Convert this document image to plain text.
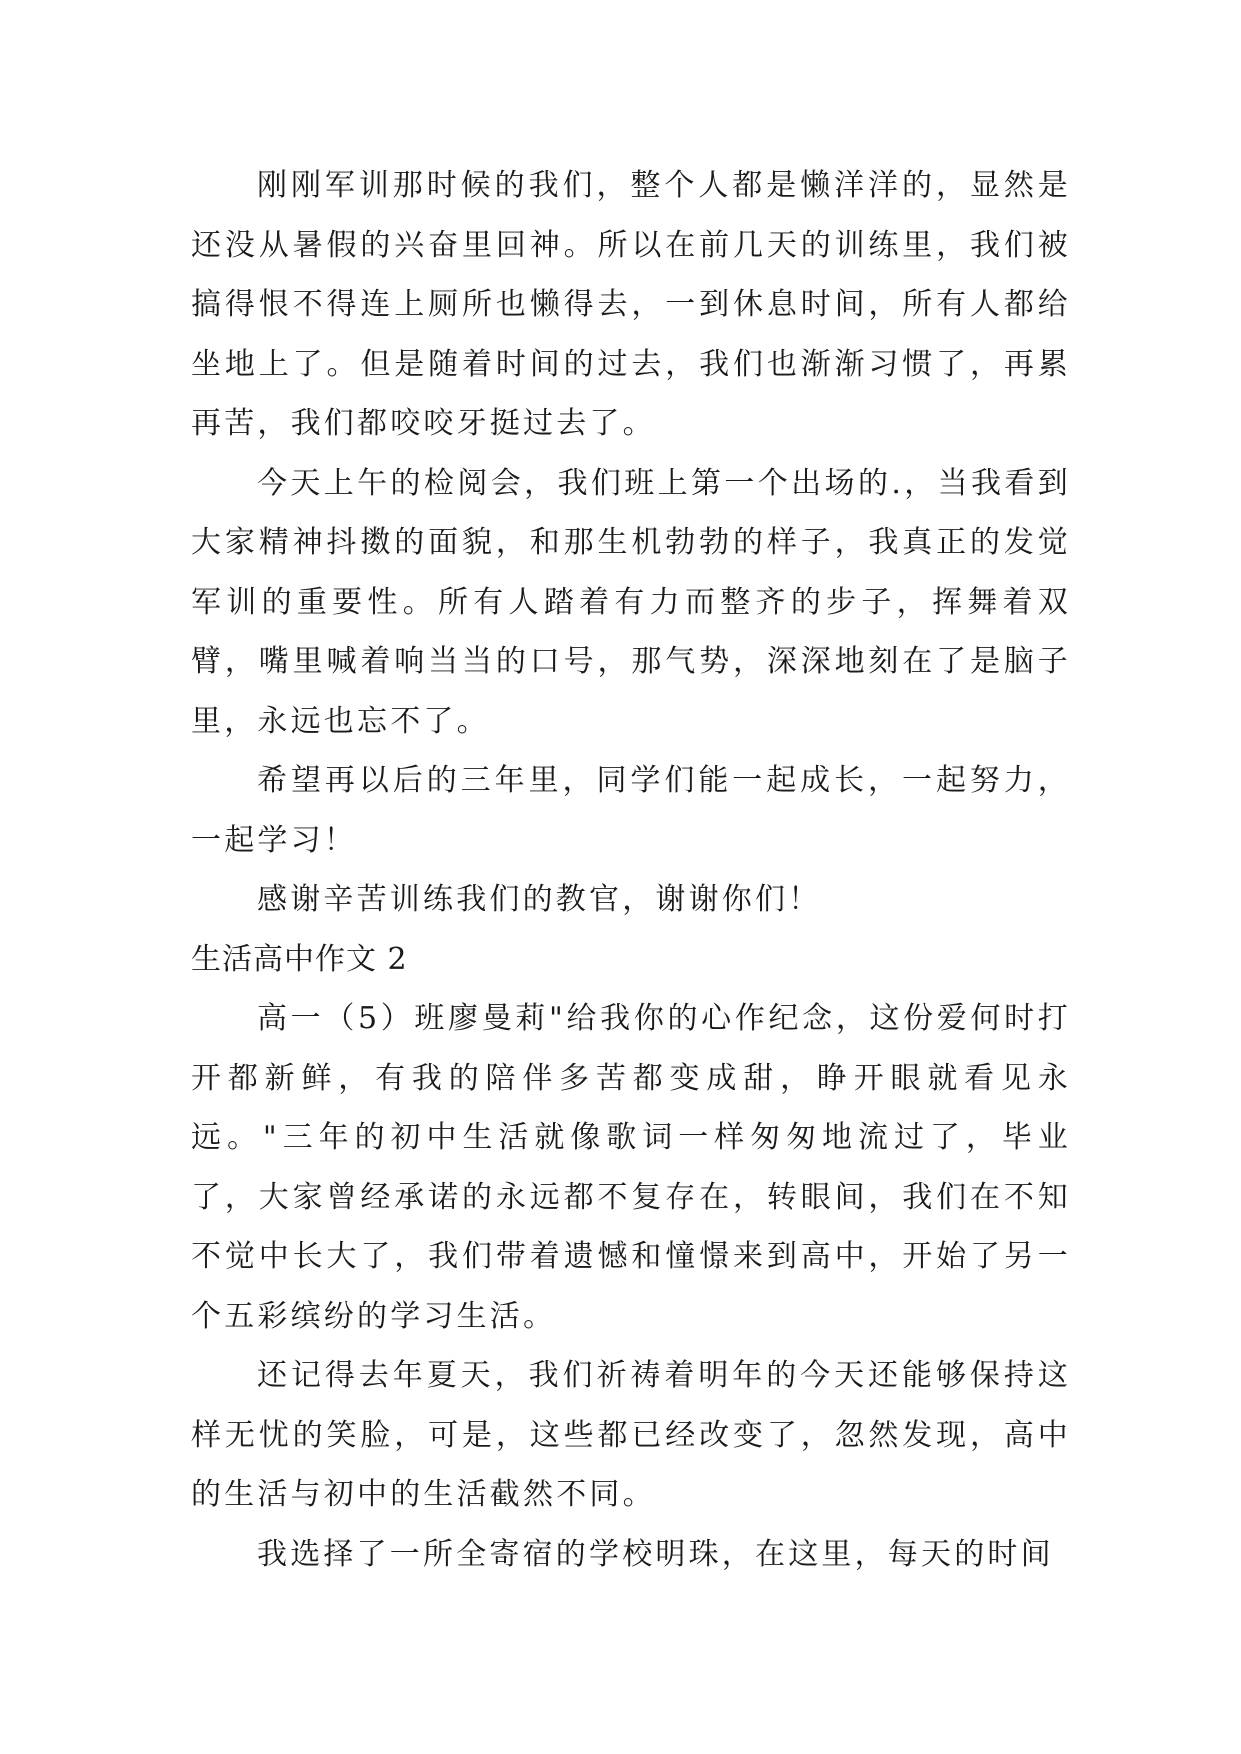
刚刚军训那时候的我们，整个人都是懒洋洋的，显然是还没从暑假的兴奋里回神。所以在前几天的训练里，我们被搞得恨不得连上厕所也懒得去，一到休息时间，所有人都给坐地上了。但是随着时间的过去，我们也渐渐习惯了，再累再苦，我们都咬咬牙挺过去了。

今天上午的检阅会，我们班上第一个出场的.，当我看到大家精神抖擞的面貌，和那生机勃勃的样子，我真正的发觉军训的重要性。所有人踏着有力而整齐的步子，挥舞着双臂，嘴里喊着响当当的口号，那气势，深深地刻在了是脑子里，永远也忘不了。

希望再以后的三年里，同学们能一起成长，一起努力，一起学习！

感谢辛苦训练我们的教官，谢谢你们！

生活高中作文 2

高一（5）班廖曼莉"给我你的心作纪念，这份爱何时打开都新鲜，有我的陪伴多苦都变成甜，睁开眼就看见永远。"三年的初中生活就像歌词一样匆匆地流过了，毕业了，大家曾经承诺的永远都不复存在，转眼间，我们在不知不觉中长大了，我们带着遗憾和憧憬来到高中，开始了另一个五彩缤纷的学习生活。

还记得去年夏天，我们祈祷着明年的今天还能够保持这样无忧的笑脸，可是，这些都已经改变了，忽然发现，高中的生活与初中的生活截然不同。

我选择了一所全寄宿的学校明珠，在这里，每天的时间
